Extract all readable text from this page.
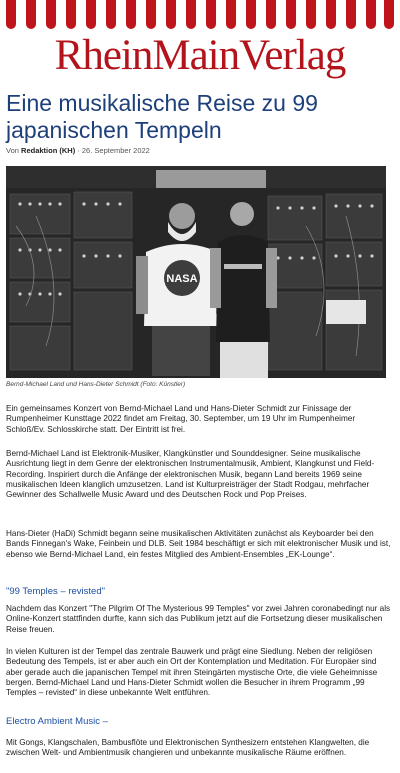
RheinMainVerlag
Eine musikalische Reise zu 99 japanischen Tempeln
Von Redaktion (KH) · 26. September 2022
NASA
Bernd-Michael Land und Hans-Dieter Schmidt (Foto: Künstler)

Ein gemeinsames Konzert von Bernd-Michael Land und Hans-Dieter Schmidt zur Finissage der Rumpenheimer Kunsttage 2022 findet am Freitag, 30. September, um 19 Uhr im Rumpenheimer Schloß/Ev. Schlosskirche statt. Der Eintritt ist frei.

Bernd-Michael Land ist Elektronik-Musiker, Klangkünstler und Sounddesigner. Seine musikalische Ausrichtung liegt in dem Genre der elektronischen Instrumentalmusik, Ambient, Klangkunst und Field-Recording. Inspiriert durch die Anfänge der elektronischen Musik, begann Land bereits 1969 seine musikalischen Ideen klanglich umzusetzen. Land ist Kulturpreisträger der Stadt Rodgau, mehrfacher Gewinner des Schallwelle Music Award und des Deutschen Rock und Pop Preises.

Hans-Dieter (HaDi) Schmidt begann seine musikalischen Aktivitäten zunächst als Keyboarder bei den Bands Finnegan's Wake, Feinbein und DLB. Seit 1984 beschäftigt er sich mit elektronischer Musik und ist, ebenso wie Bernd-Michael Land, ein festes Mitglied des Ambient-Ensembles „EK-Lounge“.

"99 Temples – revisted"

Nachdem das Konzert "The Pilgrim Of The Mysterious 99 Temples" vor zwei Jahren coronabedingt nur als Online-Konzert stattfinden durfte, kann sich das Publikum jetzt auf die Fortsetzung dieser musikalischen Reise freuen.

In vielen Kulturen ist der Tempel das zentrale Bauwerk und prägt eine Siedlung. Neben der religiösen Bedeutung des Tempels, ist er aber auch ein Ort der Kontemplation und Meditation. Für Europäer sind aber gerade auch die japanischen Tempel mit ihren Steingärten mystische Orte, die viele Geheimnisse bergen. Bernd-Michael Land und Hans-Dieter Schmidt wollen die Besucher in ihrem Programm „99 Temples – revisted“ in diese unbekannte Welt entführen.

Electro Ambient Music –

Mit Gongs, Klangschalen, Bambusflöte und Elektronischen Synthesizern entstehen Klangwelten, die zwischen Welt- und Ambientmusik changieren und unbekannte musikalische Räume eröffnen.
